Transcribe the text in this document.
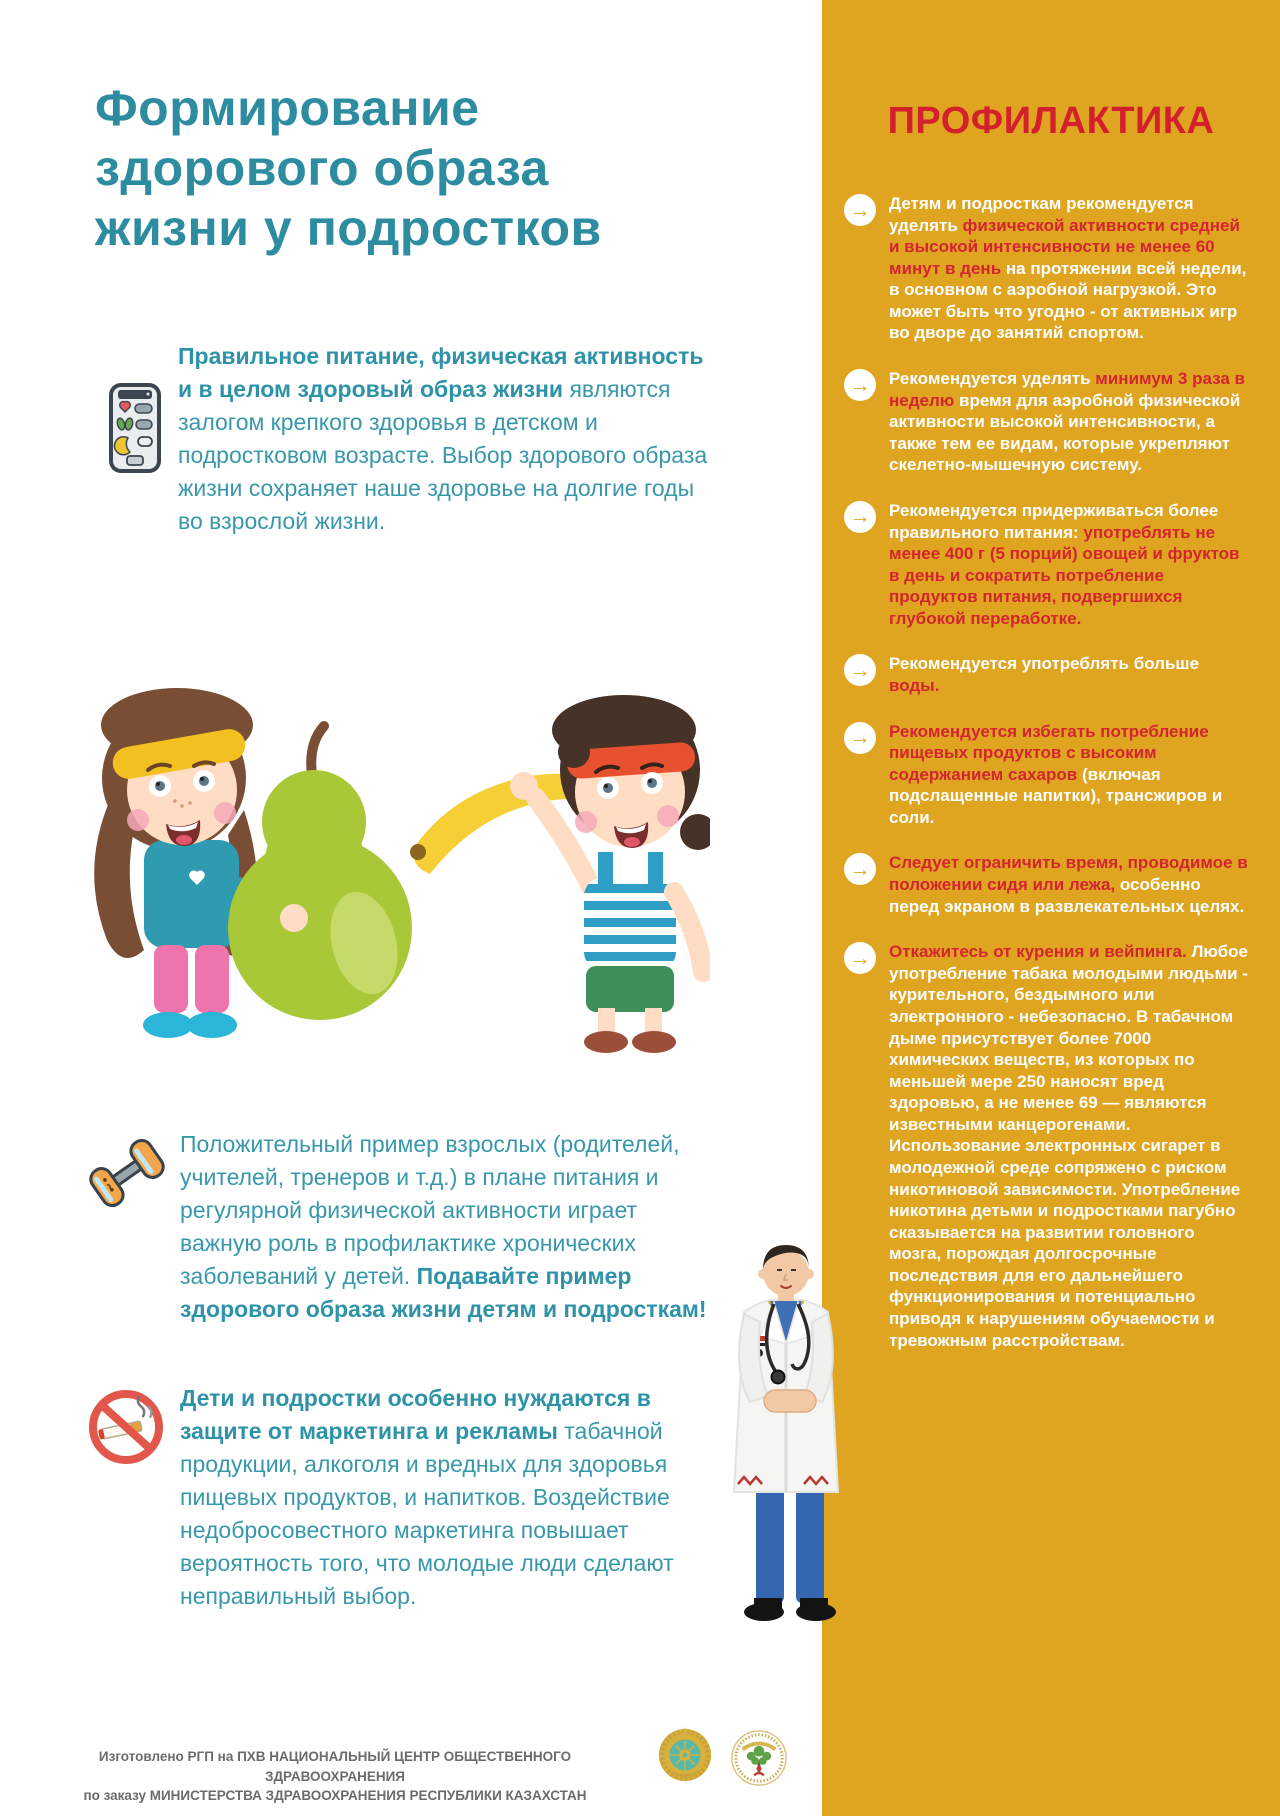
Формирование здорового образа жизни у подростков

Правильное питание, физическая активность и в целом здоровый образ жизни являются залогом крепкого здоровья в детском и подростковом возрасте. Выбор здорового образа жизни сохраняет наше здоровье на долгие годы во взрослой жизни.

Положительный пример взрослых (родителей, учителей, тренеров и т.д.) в плане питания и регулярной физической активности играет важную роль в профилактике хронических заболеваний у детей. Подавайте пример здорового образа жизни детям и подросткам!

Дети и подростки особенно нуждаются в защите от маркетинга и рекламы табачной продукции, алкоголя и вредных для здоровья пищевых продуктов, и напитков. Воздействие недобросовестного маркетинга повышает вероятность того, что молодые люди сделают неправильный выбор.

Изготовлено РГП на ПХВ НАЦИОНАЛЬНЫЙ ЦЕНТР ОБЩЕСТВЕННОГО ЗДРАВООХРАНЕНИЯ

по заказу МИНИСТЕРСТВА ЗДРАВООХРАНЕНИЯ РЕСПУБЛИКИ КАЗАХСТАН

ПРОФИЛАКТИКА
→	Детям и подросткам рекомендуется уделять физической активности средней и высокой интенсивности не менее 60 минут в день на протяжении всей недели, в основном с аэробной нагрузкой. Это может быть что угодно - от активных игр во дворе до занятий спортом.

→	Рекомендуется уделять минимум 3 раза в неделю время для аэробной физической активности высокой интенсивности, а также тем ее видам, которые укрепляют скелетно-мышечную систему.

→	Рекомендуется придерживаться более правильного питания: употреблять не менее 400 г (5 порций) овощей и фруктов в день и сократить потребление продуктов питания, подвергшихся глубокой переработке.

→	Рекомендуется употреблять больше воды.

→	Рекомендуется избегать потребление пищевых продуктов с высоким содержанием сахаров (включая подслащенные напитки), трансжиров и соли.

→	Следует ограничить время, проводимое в положении сидя или лежа, особенно перед экраном в развлекательных целях.

→	Откажитесь от курения и вейпинга. Любое употребление табака молодыми людьми - курительного, бездымного или электронного - небезопасно. В табачном дыме присутствует более 7000 химических веществ, из которых по меньшей мере 250 наносят вред здоровью, а не менее 69 — являются известными канцерогенами. Использование электронных сигарет в молодежной среде сопряжено с риском никотиновой зависимости. Употребление никотина детьми и подростками пагубно сказывается на развитии головного мозга, порождая долгосрочные последствия для его дальнейшего функционирования и потенциально приводя к нарушениям обучаемости и тревожным расстройствам.
